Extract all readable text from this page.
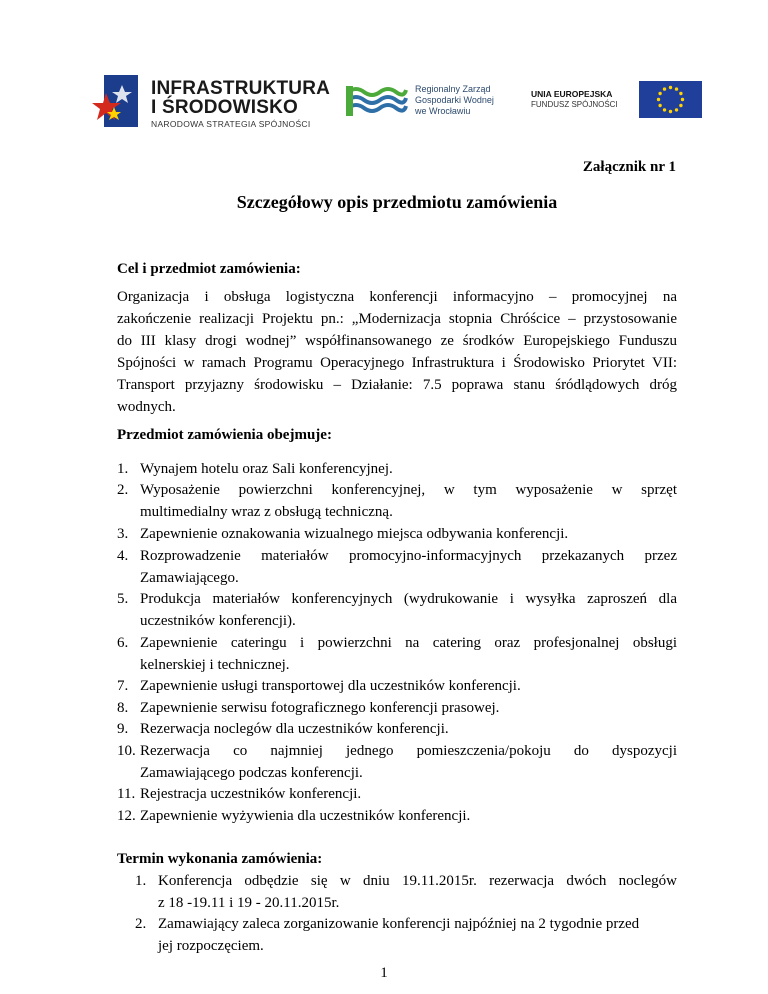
INFRASTRUKTURA
I ŚRODOWISKO
NARODOWA STRATEGIA SPÓJNOŚCI
Regionalny Zarząd
Gospodarki Wodnej
we Wrocławiu
UNIA EUROPEJSKA
FUNDUSZ SPÓJNOŚCI
Załącznik nr 1
Szczegółowy opis przedmiotu zamówienia
Cel i przedmiot zamówienia:
Organizacja i obsługa logistyczna konferencji informacyjno – promocyjnej na
zakończenie realizacji Projektu pn.: „Modernizacja stopnia Chróścice – przystosowanie
do III klasy drogi wodnej” współfinansowanego ze środków Europejskiego Funduszu
Spójności w ramach Programu Operacyjnego Infrastruktura i Środowisko Priorytet VII:
Transport przyjazny środowisku – Działanie: 7.5 poprawa stanu śródlądowych dróg
wodnych.
Przedmiot zamówienia obejmuje:
1. Wynajem hotelu oraz Sali konferencyjnej.
2. Wyposażenie powierzchni konferencyjnej, w tym wyposażenie w sprzęt
multimedialny wraz z obsługą techniczną.
3. Zapewnienie oznakowania wizualnego miejsca odbywania konferencji.
4. Rozprowadzenie materiałów promocyjno-informacyjnych przekazanych przez
Zamawiającego.
5. Produkcja materiałów konferencyjnych (wydrukowanie i wysyłka zaproszeń dla
uczestników konferencji).
6. Zapewnienie cateringu i powierzchni na catering oraz profesjonalnej obsługi
kelnerskiej i technicznej.
7. Zapewnienie usługi transportowej dla uczestników konferencji.
8. Zapewnienie serwisu fotograficznego konferencji prasowej.
9. Rezerwacja noclegów dla uczestników konferencji.
10. Rezerwacja co najmniej jednego pomieszczenia/pokoju do dyspozycji
Zamawiającego podczas konferencji.
11. Rejestracja uczestników konferencji.
12. Zapewnienie wyżywienia dla uczestników konferencji.
Termin wykonania zamówienia:
1. Konferencja odbędzie się w dniu 19.11.2015r. rezerwacja dwóch noclegów
z 18 -19.11 i 19 - 20.11.2015r.
2. Zamawiający zaleca zorganizowanie konferencji najpóźniej na 2 tygodnie przed
jej rozpoczęciem.
1
